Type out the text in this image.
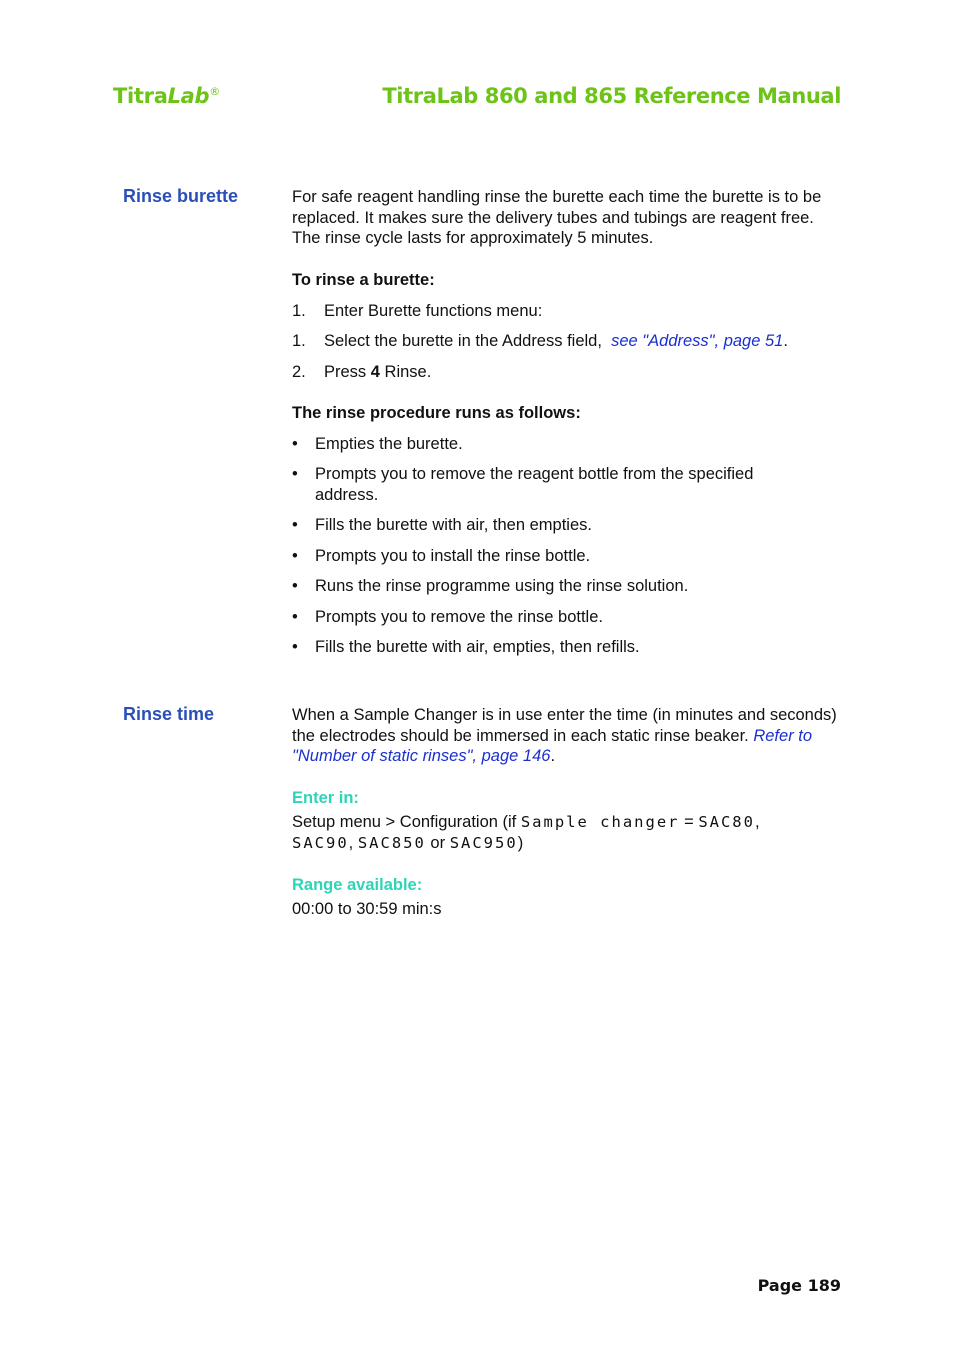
TitraLab®	TitraLab 860 and 865 Reference Manual
Rinse burette	For safe reagent handling rinse the burette each time the burette is to be replaced. It makes sure the delivery tubes and tubings are reagent free. The rinse cycle lasts for approximately 5 minutes.

To rinse a burette:
1. Enter Burette functions menu:
1. Select the burette in the Address field, see "Address", page 51.
2. Press 4 Rinse.
The rinse procedure runs as follows:
• Empties the burette.
• Prompts you to remove the reagent bottle from the specified address.
• Fills the burette with air, then empties.
• Prompts you to install the rinse bottle.
• Runs the rinse programme using the rinse solution.
• Prompts you to remove the rinse bottle.
• Fills the burette with air, empties, then refills.
Rinse time	When a Sample Changer is in use enter the time (in minutes and seconds) the electrodes should be immersed in each static rinse beaker. Refer to "Number of static rinses", page 146.
Enter in:
Setup menu > Configuration (if Sample changer = SAC80,
SAC90, SAC850 or SAC950)
Range available:
00:00 to 30:59 min:s
Page 189
